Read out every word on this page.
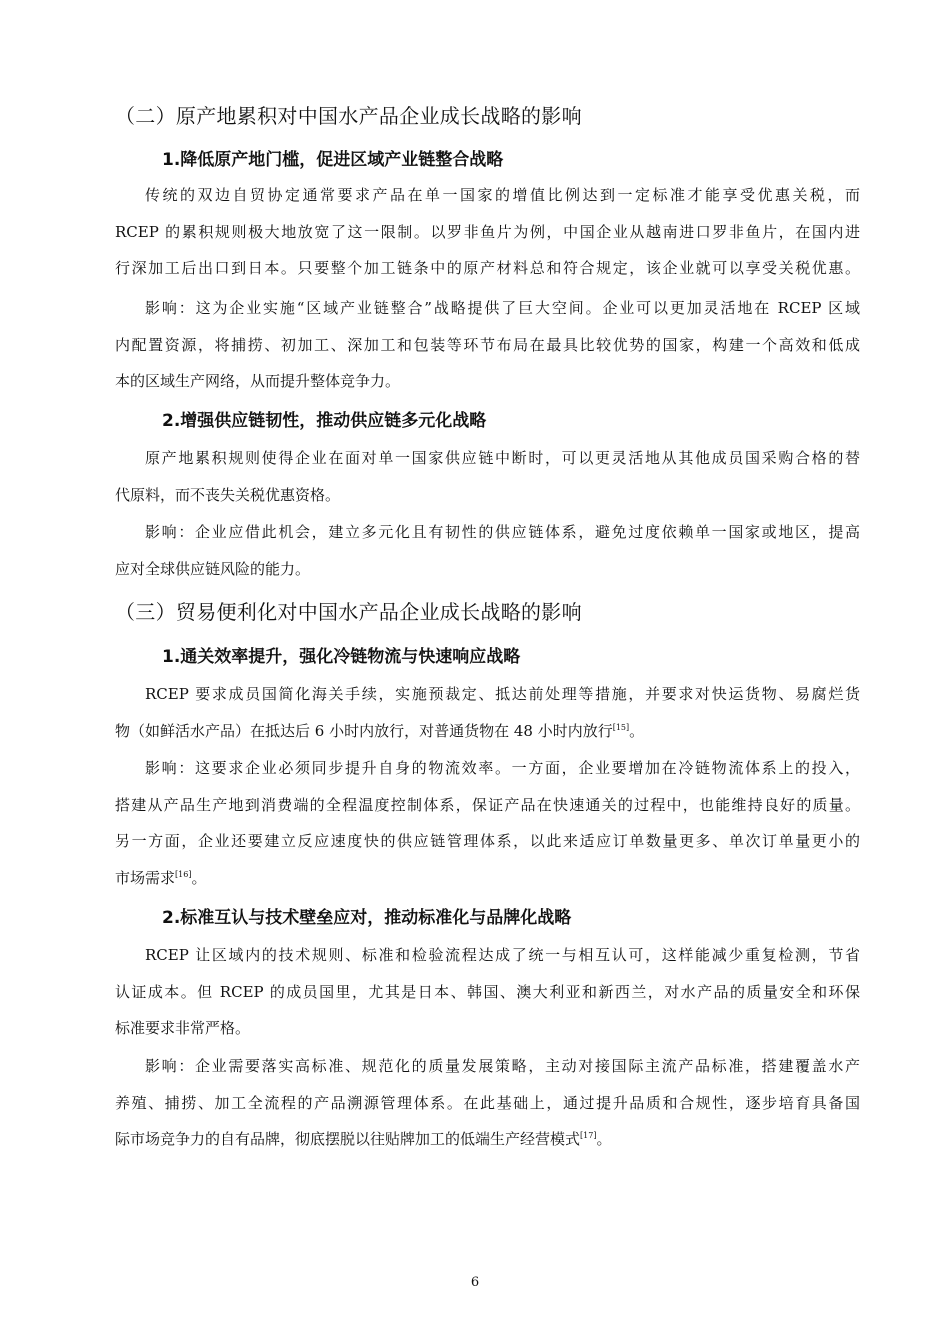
（二）原产地累积对中国水产品企业成长战略的影响
1.降低原产地门槛，促进区域产业链整合战略
传统的双边自贸协定通常要求产品在单一国家的增值比例达到一定标准才能享受优惠关税，而
RCEP 的累积规则极大地放宽了这一限制。以罗非鱼片为例，中国企业从越南进口罗非鱼片，在国内进
行深加工后出口到日本。只要整个加工链条中的原产材料总和符合规定，该企业就可以享受关税优惠。
影响：这为企业实施“区域产业链整合”战略提供了巨大空间。企业可以更加灵活地在 RCEP 区域
内配置资源，将捕捞、初加工、深加工和包装等环节布局在最具比较优势的国家，构建一个高效和低成
本的区域生产网络，从而提升整体竞争力。
2.增强供应链韧性，推动供应链多元化战略
原产地累积规则使得企业在面对单一国家供应链中断时，可以更灵活地从其他成员国采购合格的替
代原料，而不丧失关税优惠资格。
影响：企业应借此机会，建立多元化且有韧性的供应链体系，避免过度依赖单一国家或地区，提高
应对全球供应链风险的能力。
（三）贸易便利化对中国水产品企业成长战略的影响
1.通关效率提升，强化冷链物流与快速响应战略
RCEP 要求成员国简化海关手续，实施预裁定、抵达前处理等措施，并要求对快运货物、易腐烂货
物（如鲜活水产品）在抵达后 6 小时内放行，对普通货物在 48 小时内放行[15]。
影响：这要求企业必须同步提升自身的物流效率。一方面，企业要增加在冷链物流体系上的投入，
搭建从产品生产地到消费端的全程温度控制体系，保证产品在快速通关的过程中，也能维持良好的质量。
另一方面，企业还要建立反应速度快的供应链管理体系，以此来适应订单数量更多、单次订单量更小的
市场需求[16]。
2.标准互认与技术壁垒应对，推动标准化与品牌化战略
RCEP 让区域内的技术规则、标准和检验流程达成了统一与相互认可，这样能减少重复检测，节省
认证成本。但 RCEP 的成员国里，尤其是日本、韩国、澳大利亚和新西兰，对水产品的质量安全和环保
标准要求非常严格。
影响：企业需要落实高标准、规范化的质量发展策略，主动对接国际主流产品标准，搭建覆盖水产
养殖、捕捞、加工全流程的产品溯源管理体系。在此基础上，通过提升品质和合规性，逐步培育具备国
际市场竞争力的自有品牌，彻底摆脱以往贴牌加工的低端生产经营模式[17]。
6
